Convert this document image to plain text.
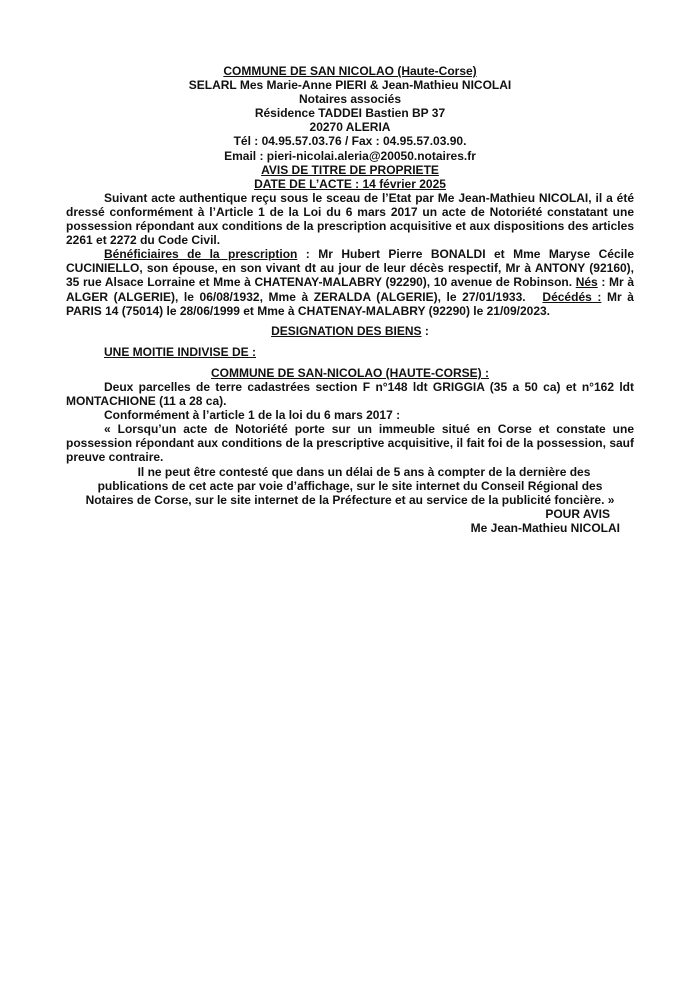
COMMUNE DE SAN NICOLAO (Haute-Corse)

SELARL Mes Marie-Anne PIERI & Jean-Mathieu NICOLAI

Notaires associés

Résidence TADDEI Bastien BP 37

20270 ALERIA

Tél : 04.95.57.03.76 / Fax : 04.95.57.03.90.

Email : pieri-nicolai.aleria@20050.notaires.fr

AVIS DE TITRE DE PROPRIETE

DATE DE L’ACTE : 14 février 2025

Suivant acte authentique reçu sous le sceau de l’Etat par Me Jean-Mathieu NICOLAI, il a été dressé conformément à l’Article 1 de la Loi du 6 mars 2017 un acte de Notoriété constatant une possession répondant aux conditions de la prescription acquisitive et aux dispositions des articles 2261 et 2272 du Code Civil.

Bénéficiaires de la prescription : Mr Hubert Pierre BONALDI et Mme Maryse Cécile CUCINIELLO, son épouse, en son vivant dt au jour de leur décès respectif, Mr à ANTONY (92160), 35 rue Alsace Lorraine et Mme à CHATENAY-MALABRY (92290), 10 avenue de Robinson. Nés : Mr à ALGER (ALGERIE), le 06/08/1932, Mme à ZERALDA (ALGERIE), le 27/01/1933.   Décédés : Mr à PARIS 14 (75014) le 28/06/1999 et Mme à CHATENAY-MALABRY (92290) le 21/09/2023.

DESIGNATION DES BIENS :

UNE MOITIE INDIVISE DE :

COMMUNE DE SAN-NICOLAO (HAUTE-CORSE) :

Deux parcelles de terre cadastrées section F n°148 ldt GRIGGIA (35 a 50 ca) et n°162 ldt MONTACHIONE (11 a 28 ca).

Conformément à l’article 1 de la loi du 6 mars 2017 :

« Lorsqu’un acte de Notoriété porte sur un immeuble situé en Corse et constate une possession répondant aux conditions de la prescriptive acquisitive, il fait foi de la possession, sauf preuve contraire.

Il ne peut être contesté que dans un délai de 5 ans à compter de la dernière des

publications de cet acte par voie d’affichage, sur le site internet du Conseil Régional des

Notaires de Corse, sur le site internet de la Préfecture et au service de la publicité foncière. »

POUR AVIS

Me Jean-Mathieu NICOLAI
